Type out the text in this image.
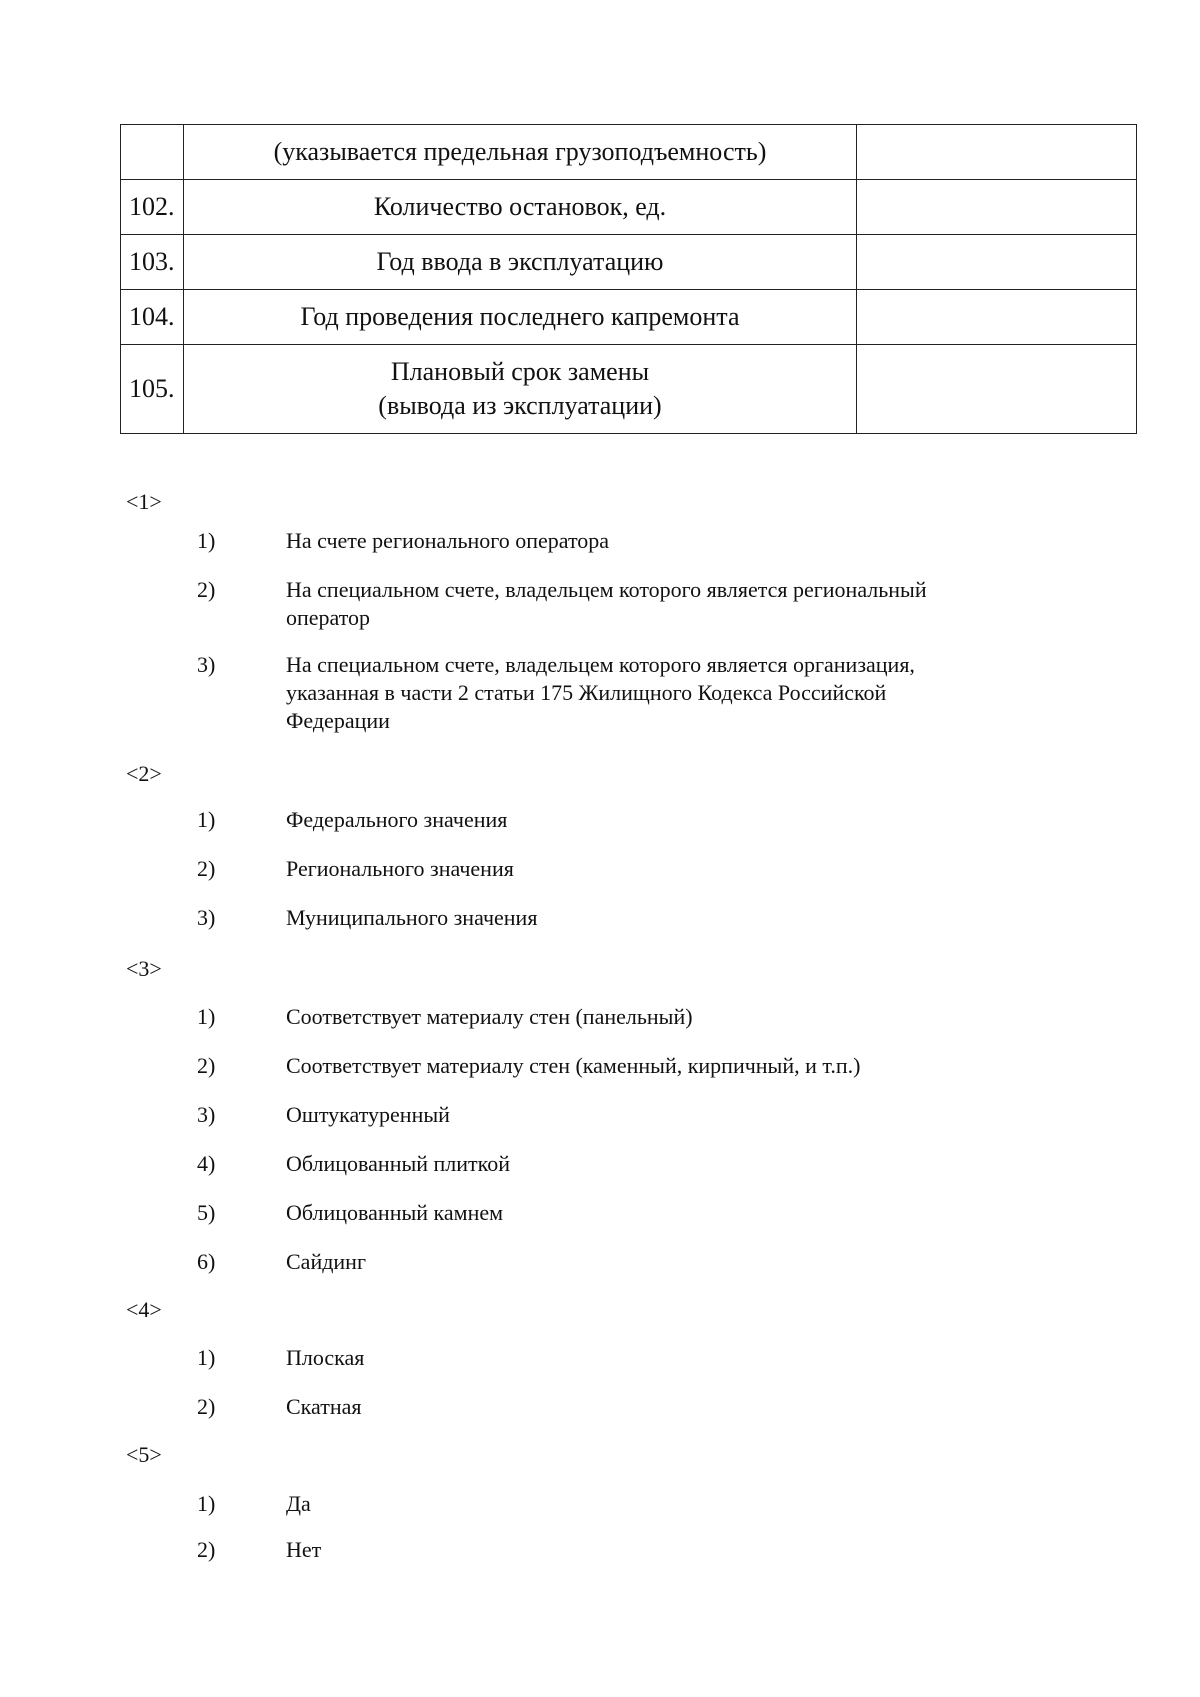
	(указывается предельная грузоподъемность)	

102.	Количество остановок, ед.	

103.	Год ввода в эксплуатацию	

104.	Год проведения последнего капремонта	

105.	Плановый срок замены
(вывода из эксплуатации)	

<1>
1)	На счете регионального оператора
2)	На специальном счете, владельцем которого является региональный
оператор
3)	На специальном счете, владельцем которого является организация,
указанная в части 2 статьи 175 Жилищного Кодекса Российской
Федерации
<2>
1)	Федерального значения
2)	Регионального значения
3)	Муниципального значения
<3>
1)	Соответствует материалу стен (панельный)
2)	Соответствует материалу стен (каменный, кирпичный, и т.п.)
3)	Оштукатуренный
4)	Облицованный плиткой
5)	Облицованный камнем
6)	Сайдинг
<4>
1)	Плоская
2)	Скатная
<5>
1)	Да
2)	Нет
